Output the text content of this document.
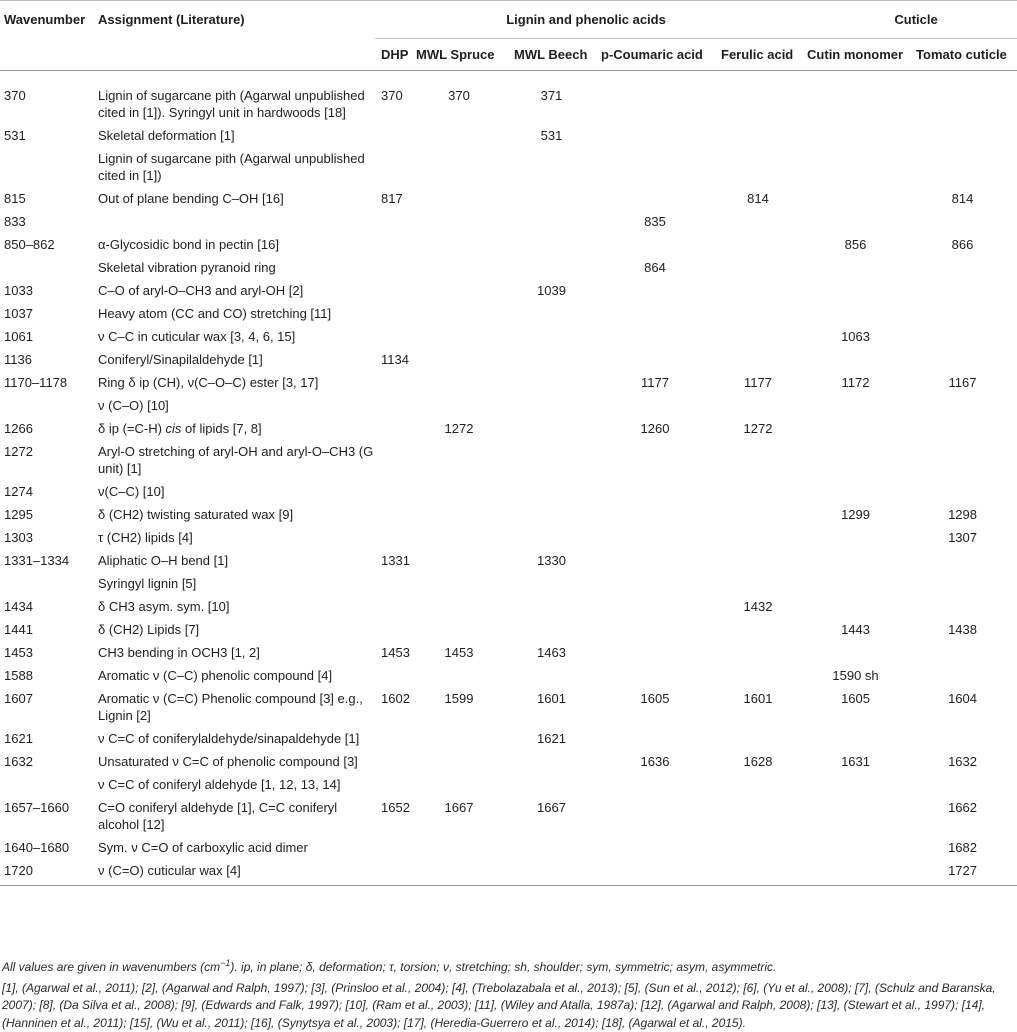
Wavenumber	Assignment (Literature)	Lignin and phenolic acids					Cuticle	
		DHP	MWL Spruce	MWL Beech	p-Coumaric acid	Ferulic acid	Cutin monomer	Tomato cuticle

370	Lignin of sugarcane pith (Agarwal unpublished cited in [1]). Syringyl unit in hardwoods [18]	370	370	371				
531	Skeletal deformation [1]			531				
	Lignin of sugarcane pith (Agarwal unpublished cited in [1])							
815	Out of plane bending C–OH [16]	817				814		814
833					835			
850–862	α-Glycosidic bond in pectin [16]						856	866
	Skeletal vibration pyranoid ring				864			
1033	C–O of aryl-O–CH3 and aryl-OH [2]			1039				
1037	Heavy atom (CC and CO) stretching [11]							
1061	ν C–C in cuticular wax [3, 4, 6, 15]						1063	
1136	Coniferyl/Sinapilaldehyde [1]	1134						
1170–1178	Ring δ ip (CH), ν(C–O–C) ester [3, 17]				1177	1177	1172	1167
	ν (C–O) [10]							
1266	δ ip (=C-H) cis of lipids [7, 8]		1272		1260	1272		
1272	Aryl-O stretching of aryl-OH and aryl-O–CH3 (G unit) [1]							
1274	ν(C–C) [10]							
1295	δ (CH2) twisting saturated wax [9]						1299	1298
1303	τ (CH2) lipids [4]							1307
1331–1334	Aliphatic O–H bend [1]	1331		1330				
	Syringyl lignin [5]							
1434	δ CH3 asym. sym. [10]					1432		
1441	δ (CH2) Lipids [7]						1443	1438
1453	CH3 bending in OCH3 [1, 2]	1453	1453	1463				
1588	Aromatic ν (C–C) phenolic compound [4]						1590 sh	
1607	Aromatic ν (C=C) Phenolic compound [3] e.g., Lignin [2]	1602	1599	1601	1605	1601	1605	1604
1621	ν C=C of coniferylaldehyde/sinapaldehyde [1]			1621				
1632	Unsaturated ν C=C of phenolic compound [3]				1636	1628	1631	1632
	ν C=C of coniferyl aldehyde [1, 12, 13, 14]							
1657–1660	C=O coniferyl aldehyde [1], C=C coniferyl alcohol [12]	1652	1667	1667				1662
1640–1680	Sym. ν C=O of carboxylic acid dimer							1682
1720	ν (C=O) cuticular wax [4]							1727

All values are given in wavenumbers $(cm^{-1})$. ip, in plane; δ, deformation; τ, torsion; ν, stretching; sh, shoulder; sym, symmetric; asym, asymmetric.

[1], (Agarwal et al., 2011); [2], (Agarwal and Ralph, 1997); [3], (Prinsloo et al., 2004); [4], (Trebolazabala et al., 2013); [5], (Sun et al., 2012); [6], (Yu et al., 2008); [7], (Schulz and Baranska, 2007); [8], (Da Silva et al., 2008); [9], (Edwards and Falk, 1997); [10], (Ram et al., 2003); [11], (Wiley and Atalla, 1987a); [12], (Agarwal and Ralph, 2008); [13], (Stewart et al., 1997); [14], (Hanninen et al., 2011); [15], (Wu et al., 2011); [16], (Synytsya et al., 2003); [17], (Heredia-Guerrero et al., 2014); [18], (Agarwal et al., 2015).
